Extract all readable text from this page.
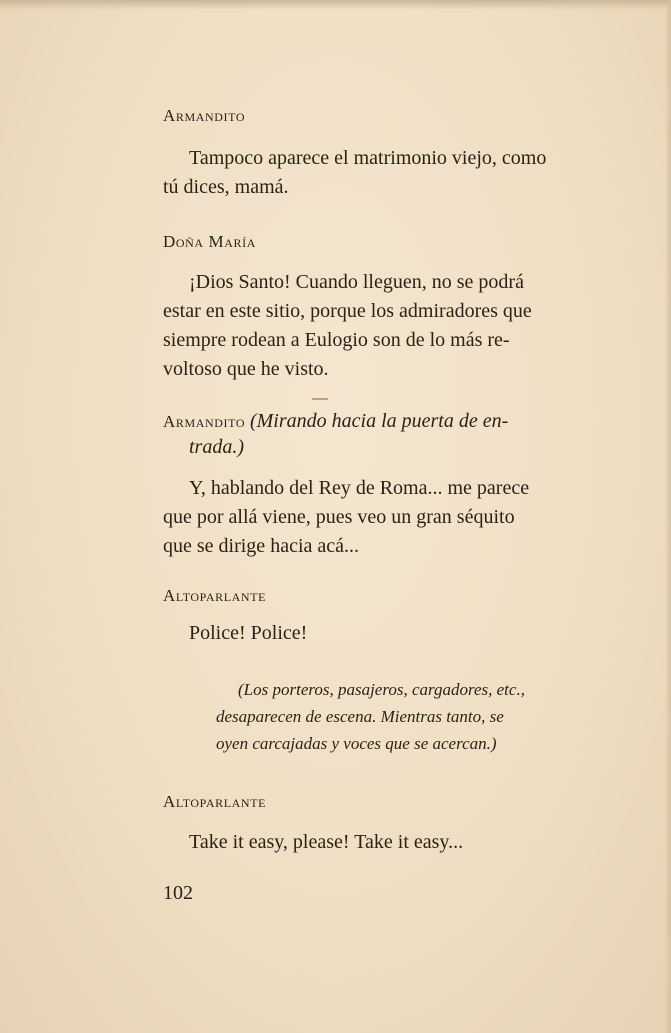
Armandito
Tampoco aparece el matrimonio viejo, como
tú dices, mamá.
Doña María
¡Dios Santo! Cuando lleguen, no se podrá
estar en este sitio, porque los admiradores que
siempre rodean a Eulogio son de lo más re-
voltoso que he visto.
Armandito (Mirando hacia la puerta de en-
trada.)
Y, hablando del Rey de Roma... me parece
que por allá viene, pues veo un gran séquito
que se dirige hacia acá...
Altoparlante
Police! Police!
(Los porteros, pasajeros, cargadores, etc.,
desaparecen de escena. Mientras tanto, se
oyen carcajadas y voces que se acercan.)
Altoparlante
Take it easy, please! Take it easy...
102
